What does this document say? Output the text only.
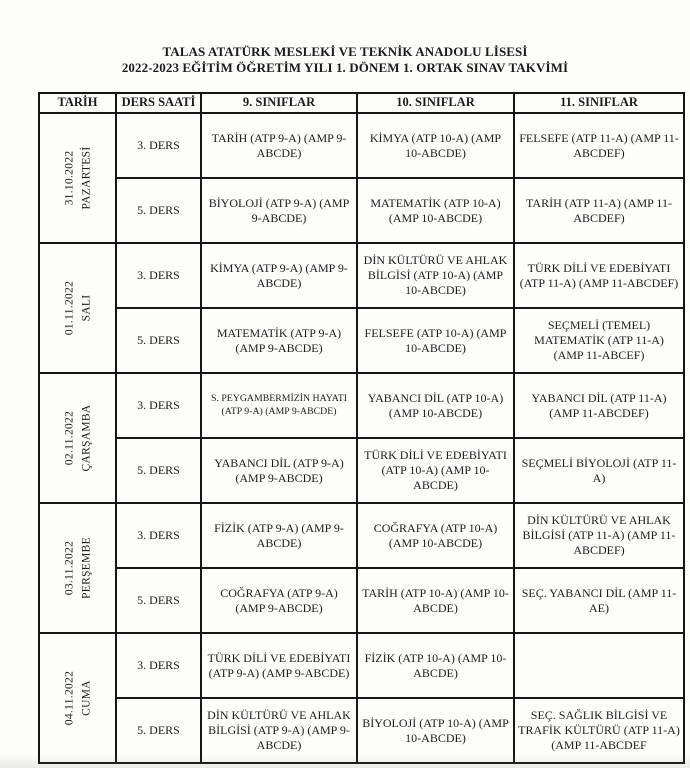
TALAS ATATÜRK MESLEKİ VE TEKNİK ANADOLU LİSESİ
2022-2023 EĞİTİM ÖĞRETİM YILI 1. DÖNEM 1. ORTAK SINAV TAKVİMİ
TARİH	DERS SAATİ	9. SINIFLAR	10. SINIFLAR	11. SINIFLAR

31.10.2022 PAZARTESİ	3. DERS	TARİH (ATP 9-A) (AMP 9-ABCDE)	KİMYA (ATP 10-A) (AMP 10-ABCDE)	FELSEFE (ATP 11-A) (AMP 11-ABCDEF)
	5. DERS	BİYOLOJİ (ATP 9-A) (AMP 9-ABCDE)	MATEMATİK (ATP 10-A) (AMP 10-ABCDE)	TARİH (ATP 11-A) (AMP 11-ABCDEF)

01.11.2022 SALI	3. DERS	KİMYA (ATP 9-A) (AMP 9-ABCDE)	DİN KÜLTÜRÜ VE AHLAK BİLGİSİ (ATP 10-A) (AMP 10-ABCDE)	TÜRK DİLİ VE EDEBİYATI (ATP 11-A) (AMP 11-ABCDEF)
	5. DERS	MATEMATİK (ATP 9-A) (AMP 9-ABCDE)	FELSEFE (ATP 10-A) (AMP 10-ABCDE)	SEÇMELİ (TEMEL) MATEMATİK (ATP 11-A) (AMP 11-ABCEF)

02.11.2022 ÇARŞAMBA	3. DERS	S. PEYGAMBERMİZİN HAYATI (ATP 9-A) (AMP 9-ABCDE)	YABANCI DİL (ATP 10-A) (AMP 10-ABCDE)	YABANCI DİL (ATP 11-A) (AMP 11-ABCDEF)
	5. DERS	YABANCI DİL (ATP 9-A) (AMP 9-ABCDE)	TÜRK DİLİ VE EDEBİYATI (ATP 10-A) (AMP 10-ABCDE)	SEÇMELİ BİYOLOJİ (ATP 11-A)

03.11.2022 PERŞEMBE	3. DERS	FİZİK (ATP 9-A) (AMP 9-ABCDE)	COĞRAFYA (ATP 10-A) (AMP 10-ABCDE)	DİN KÜLTÜRÜ VE AHLAK BİLGİSİ (ATP 11-A) (AMP 11-ABCDEF)
	5. DERS	COĞRAFYA (ATP 9-A) (AMP 9-ABCDE)	TARİH (ATP 10-A) (AMP 10-ABCDE)	SEÇ. YABANCI DİL (AMP 11-AE)

04.11.2022 CUMA	3. DERS	TÜRK DİLİ VE EDEBİYATI (ATP 9-A) (AMP 9-ABCDE)	FİZİK (ATP 10-A) (AMP 10-ABCDE)	
	5. DERS	DİN KÜLTÜRÜ VE AHLAK BİLGİSİ (ATP 9-A) (AMP 9-ABCDE)	BİYOLOJİ (ATP 10-A) (AMP 10-ABCDE)	SEÇ. SAĞLIK BİLGİSİ VE TRAFİK KÜLTÜRÜ (ATP 11-A) (AMP 11-ABCDEF
